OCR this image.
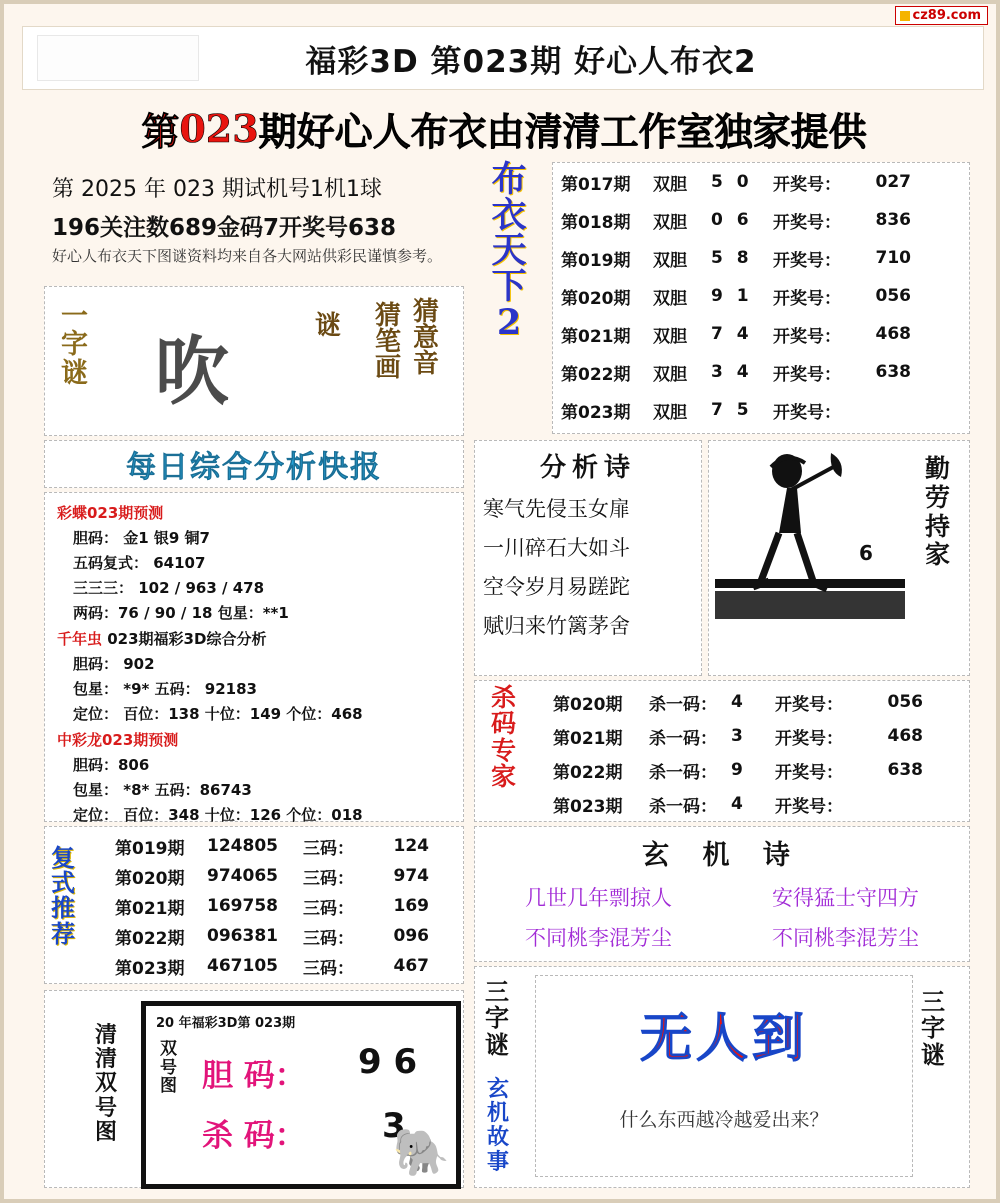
cz89.com
福彩3D 第023期 好心人布衣2
第 023 期好心人布衣由清清工作室独家提供
第 2025 年 023 期试机号1机1球
196关注数689金码7开奖号638
好心人布衣天下图谜资料均来自各大网站供彩民谨慎参考。
布
衣
天
下
2
第017期	双胆	5 0	开奖号：	027
第018期	双胆	0 6	开奖号：	836
第019期	双胆	5 8	开奖号：	710
第020期	双胆	9 1	开奖号：	056
第021期	双胆	7 4	开奖号：	468
第022期	双胆	3 4	开奖号：	638
第023期	双胆	7 5	开奖号：
一字谜 吹
谜 猜笔画 猜意音
每日综合分析快报
彩蝶023期预测
胆码： 金1 银9 铜7
五码复式： 64107
三三三： 102 / 963 / 478
两码：76 / 90 / 18 包星：**1
千年虫 023期福彩3D综合分析
胆码： 902
包星： *9* 五码： 92183
定位： 百位：138 十位：149 个位：468
中彩龙023期预测
胆码：806
包星： *8* 五码：86743
定位： 百位：348 十位：126 个位：018
复式推荐
第019期	124805	三码：	124
第020期	974065	三码：	974
第021期	169758	三码：	169
第022期	096381	三码：	096
第023期	467105	三码：	467
清清双号图
20 年福彩3D第 023期
双号图 胆 码： 9 6
杀 码： 3
🐘
分析诗
寒气先侵玉女扉
一川碎石大如斗
空令岁月易蹉跎
赋归来竹篱茅舍
勤劳持家
6
杀码专家
第020期	杀一码： 4	开奖号：	056
第021期	杀一码： 3	开奖号：	468
第022期	杀一码： 9	开奖号：	638
第023期	杀一码： 4	开奖号：
玄 机 诗
几世几年剽掠人	安得猛士守四方
不同桃李混芳尘	不同桃李混芳尘
三字谜
玄机故事
三字谜
无人到
什么东西越冷越爱出来？
